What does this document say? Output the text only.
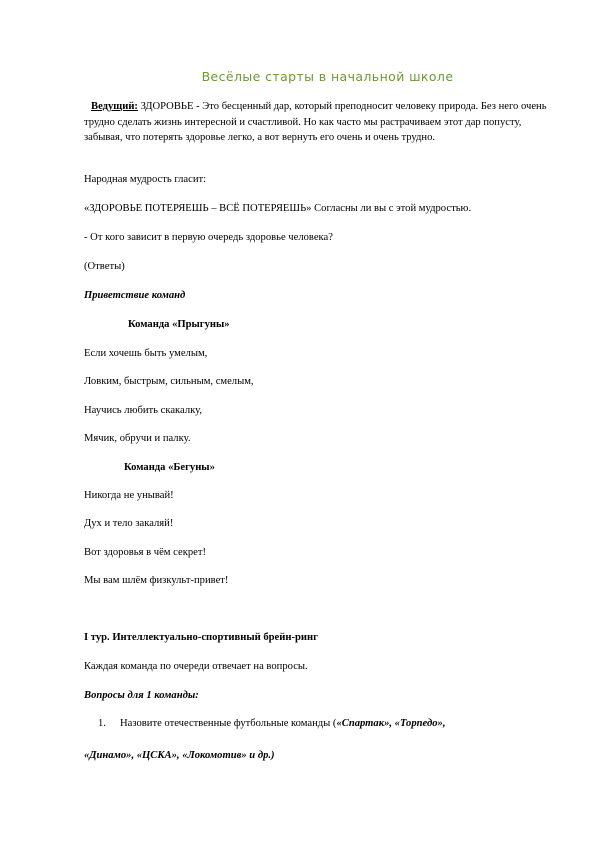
Весёлые старты в начальной школе

Ведущий: ЗДОРОВЬЕ - Это бесценный дар, который преподносит человеку природа. Без него очень трудно сделать жизнь интересной и счастливой. Но как часто мы растрачиваем этот дар попусту, забывая, что потерять здоровье легко, а вот вернуть его очень и очень трудно.

Народная мудрость гласит:

«ЗДОРОВЬЕ ПОТЕРЯЕШЬ – ВСЁ ПОТЕРЯЕШЬ» Согласны ли вы с этой мудростью.

- От кого зависит в первую очередь здоровье человека?

(Ответы)

Приветствие команд

Команда «Прыгуны»

Если хочешь быть умелым,

Ловким, быстрым, сильным, смелым,

Научись любить скакалку,

Мячик, обручи и палку.

Команда «Бегуны»

Никогда не унывай!

Дух и тело закаляй!

Вот здоровья в чём секрет!

Мы вам шлём физкульт-привет!

I тур. Интеллектуально-спортивный брейн-ринг

Каждая команда по очереди отвечает на вопросы.

Вопросы для 1 команды:

1. Назовите отечественные футбольные команды («Спартак», «Торпедо»,

«Динамо», «ЦСКА», «Локомотив» и др.)
